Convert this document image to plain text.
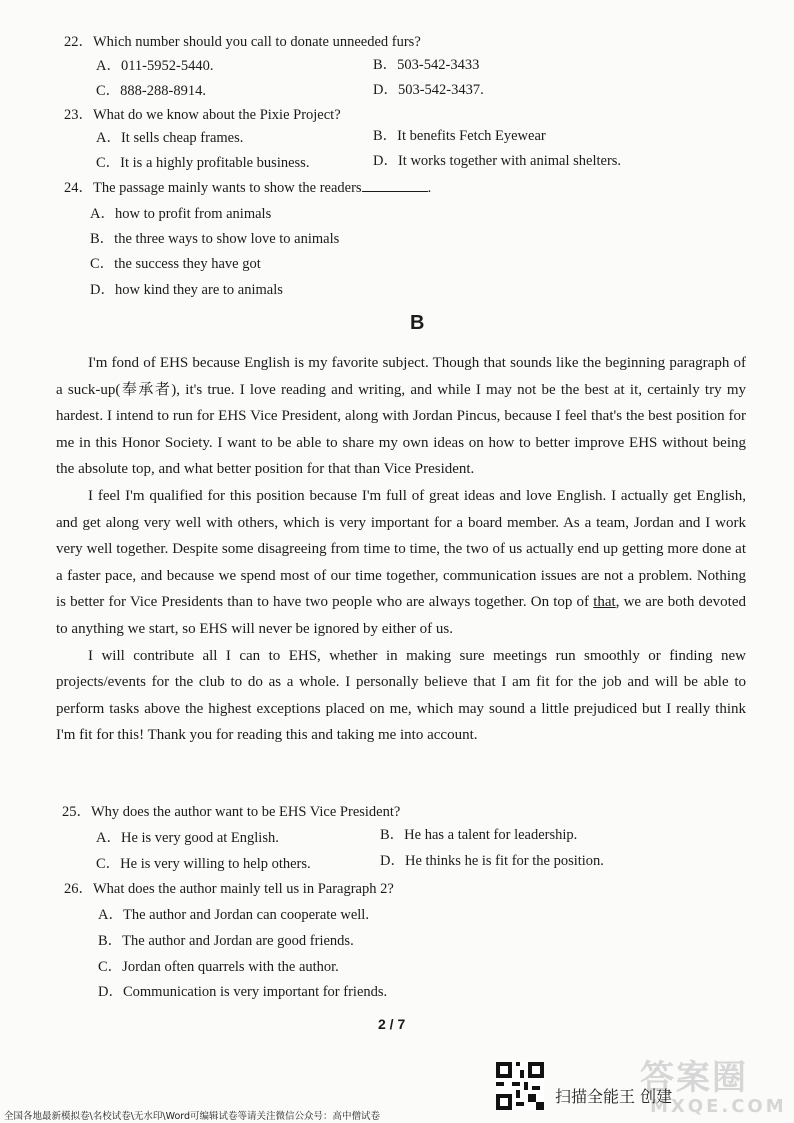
22．Which number should you call to donate unneeded furs?
A．011-5952-5440.	B．503-542-3433
C．888-288-8914.	D．503-542-3437.
23．What do we know about the Pixie Project?
A．It sells cheap frames.	B．It benefits Fetch Eyewear
C．It is a highly profitable business.	D．It works together with animal shelters.
24．The passage mainly wants to show the readers	.
A．how to profit from animals
B．the three ways to show love to animals
C．the success they have got
D．how kind they are to animals
B

I'm fond of EHS because English is my favorite subject. Though that sounds like the beginning paragraph of a suck-up(奉承者), it's true. I love reading and writing, and while I may not be the best at it, certainly try my hardest. I intend to run for EHS Vice President, along with Jordan Pincus, because I feel that's the best position for me in this Honor Society. I want to be able to share my own ideas on how to better improve EHS without being the absolute top, and what better position for that than Vice President.

I feel I'm qualified for this position because I'm full of great ideas and love English. I actually get English, and get along very well with others, which is very important for a board member. As a team, Jordan and I work very well together. Despite some disagreeing from time to time, the two of us actually end up getting more done at a faster pace, and because we spend most of our time together, communication issues are not a problem. Nothing is better for Vice Presidents than to have two people who are always together. On top of that, we are both devoted to anything we start, so EHS will never be ignored by either of us.

I will contribute all I can to EHS, whether in making sure meetings run smoothly or finding new projects/events for the club to do as a whole. I personally believe that I am fit for the job and will be able to perform tasks above the highest exceptions placed on me, which may sound a little prejudiced but I really think I'm fit for this! Thank you for reading this and taking me into account.

25．Why does the author want to be EHS Vice President?
A．He is very good at English.	B．He has a talent for leadership.
C．He is very willing to help others.	D．He thinks he is fit for the position.
26．What does the author mainly tell us in Paragraph 2?
A．The author and Jordan can cooperate well.
B．The author and Jordan are good friends.
C．Jordan often quarrels with the author.
D．Communication is very important for friends.
2 / 7
答案圈
MXQE.COM
扫描全能王 创建
全国各地最新模拟卷\名校试卷\无水印\Word可编辑试卷等请关注微信公众号：高中僧试卷
